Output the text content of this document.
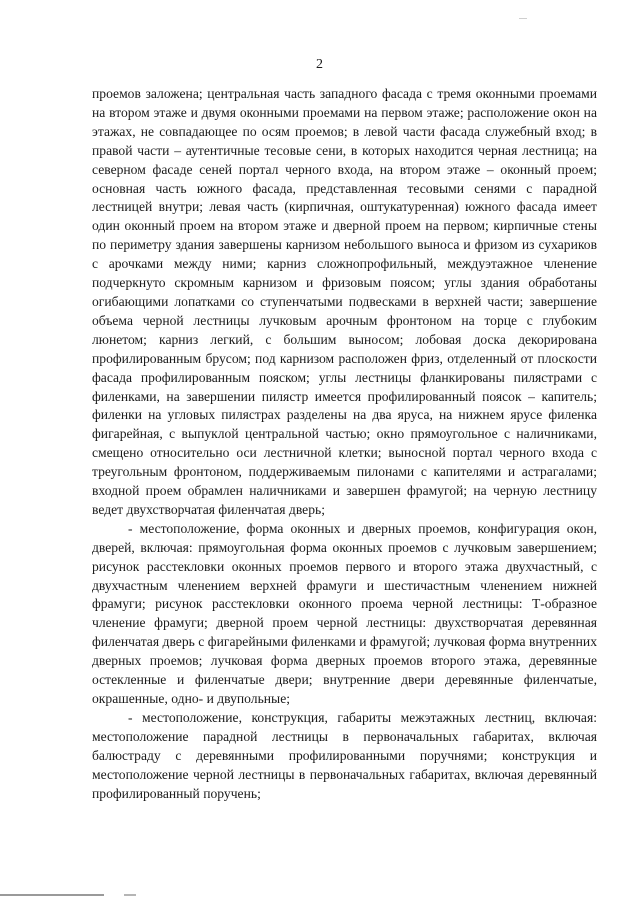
2

проемов заложена; центральная часть западного фасада с тремя оконными проемами на втором этаже и двумя оконными проемами на первом этаже; расположение окон на этажах, не совпадающее по осям проемов; в левой части фасада служебный вход; в правой части – аутентичные тесовые сени, в которых находится черная лестница; на северном фасаде сеней портал черного входа, на втором этаже – оконный проем; основная часть южного фасада, представленная тесовыми сенями с парадной лестницей внутри; левая часть (кирпичная, оштукатуренная) южного фасада имеет один оконный проем на втором этаже и дверной проем на первом; кирпичные стены по периметру здания завершены карнизом небольшого выноса и фризом из сухариков с арочками между ними; карниз сложнопрофильный, междуэтажное членение подчеркнуто скромным карнизом и фризовым поясом; углы здания обработаны огибающими лопатками со ступенчатыми подвесками в верхней части; завершение объема черной лестницы лучковым арочным фронтоном на торце с глубоким люнетом; карниз легкий, с большим выносом; лобовая доска декорирована профилированным брусом; под карнизом расположен фриз, отделенный от плоскости фасада профилированным пояском; углы лестницы фланкированы пилястрами с филенками, на завершении пилястр имеется профилированный поясок – капитель; филенки на угловых пилястрах разделены на два яруса, на нижнем ярусе филенка фигарейная, с выпуклой центральной частью; окно прямоугольное с наличниками, смещено относительно оси лестничной клетки; выносной портал черного входа с треугольным фронтоном, поддерживаемым пилонами с капителями и астрагалами; входной проем обрамлен наличниками и завершен фрамугой; на черную лестницу ведет двухстворчатая филенчатая дверь;

- местоположение, форма оконных и дверных проемов, конфигурация окон, дверей, включая: прямоугольная форма оконных проемов с лучковым завершением; рисунок расстекловки оконных проемов первого и второго этажа двухчастный, с двухчастным членением верхней фрамуги и шестичастным членением нижней фрамуги; рисунок расстекловки оконного проема черной лестницы: Т-образное членение фрамуги; дверной проем черной лестницы: двухстворчатая деревянная филенчатая дверь с фигарейными филенками и фрамугой; лучковая форма внутренних дверных проемов; лучковая форма дверных проемов второго этажа, деревянные остекленные и филенчатые двери; внутренние двери деревянные филенчатые, окрашенные, одно- и двупольные;

- местоположение, конструкция, габариты межэтажных лестниц, включая: местоположение парадной лестницы в первоначальных габаритах, включая балюстраду с деревянными профилированными поручнями; конструкция и местоположение черной лестницы в первоначальных габаритах, включая деревянный профилированный поручень;
